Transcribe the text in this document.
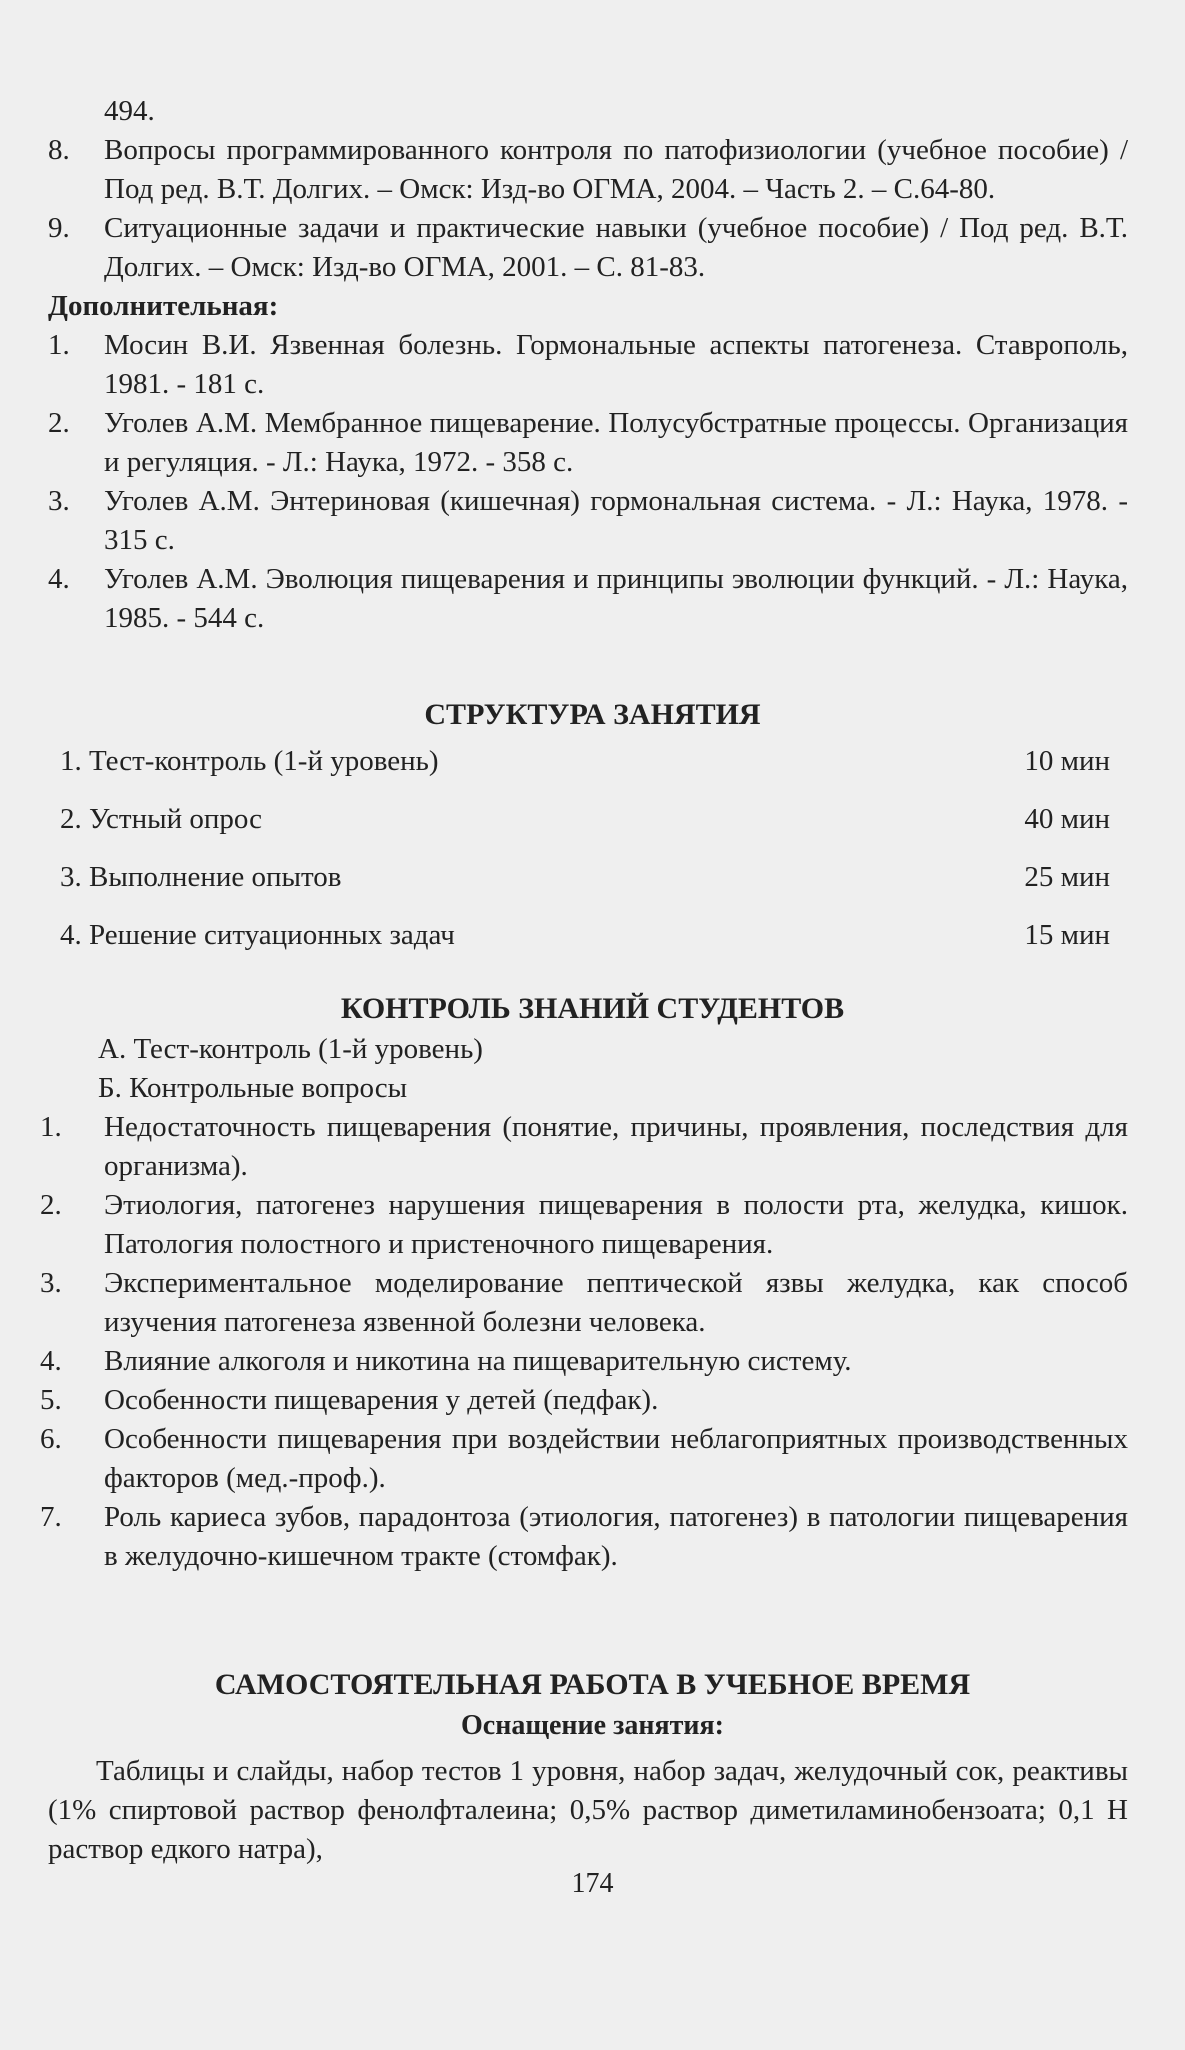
494.
8. Вопросы программированного контроля по патофизиологии (учебное пособие) / Под ред. В.Т. Долгих. – Омск: Изд-во ОГМА, 2004. – Часть 2. – С.64-80.
9. Ситуационные задачи и практические навыки (учебное пособие) / Под ред. В.Т. Долгих. – Омск: Изд-во ОГМА, 2001. – С. 81-83.
Дополнительная:
1. Мосин В.И. Язвенная болезнь. Гормональные аспекты патогенеза. Ставрополь, 1981. - 181 с.
2. Уголев А.М. Мембранное пищеварение. Полусубстратные процессы. Организация и регуляция. - Л.: Наука, 1972. - 358 с.
3. Уголев А.М. Энтериновая (кишечная) гормональная система. - Л.: Наука, 1978. - 315 с.
4. Уголев А.М. Эволюция пищеварения и принципы эволюции функций. - Л.: Наука, 1985. - 544 с.
СТРУКТУРА ЗАНЯТИЯ
1. Тест-контроль (1-й уровень)	10 мин
2. Устный опрос	40 мин
3. Выполнение опытов	25 мин
4. Решение ситуационных задач	15 мин
КОНТРОЛЬ ЗНАНИЙ СТУДЕНТОВ
А. Тест-контроль (1-й уровень)
Б. Контрольные вопросы
1. Недостаточность пищеварения (понятие, причины, проявления, последствия для организма).
2. Этиология, патогенез нарушения пищеварения в полости рта, желудка, кишок. Патология полостного и пристеночного пищеварения.
3. Экспериментальное моделирование пептической язвы желудка, как способ изучения патогенеза язвенной болезни человека.
4. Влияние алкоголя и никотина на пищеварительную систему.
5. Особенности пищеварения у детей (педфак).
6. Особенности пищеварения при воздействии неблагоприятных производственных факторов (мед.-проф.).
7. Роль кариеса зубов, парадонтоза (этиология, патогенез) в патологии пищеварения в желудочно-кишечном тракте (стомфак).
САМОСТОЯТЕЛЬНАЯ РАБОТА В УЧЕБНОЕ ВРЕМЯ
Оснащение занятия:
Таблицы и слайды, набор тестов 1 уровня, набор задач, желудочный сок, реактивы (1% спиртовой раствор фенолфталеина; 0,5% раствор диметиламинобензоата; 0,1 Н раствор едкого натра),
174
